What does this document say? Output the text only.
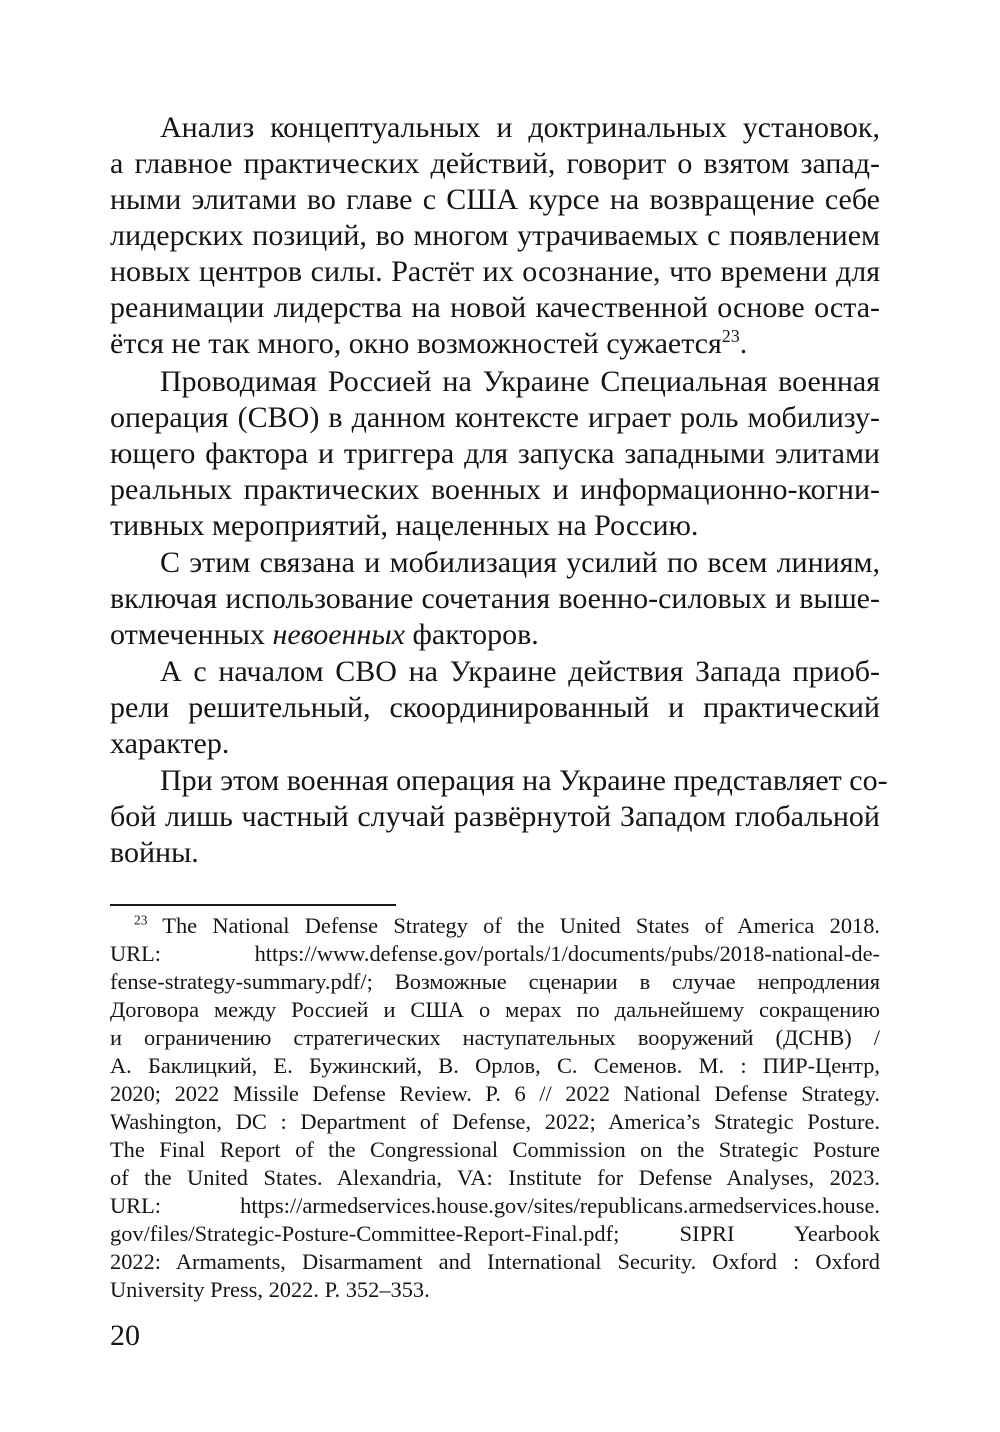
Анализ концептуальных и доктринальных установок,

а главное практических действий, говорит о взятом запад-

ными элитами во главе с США курсе на возвращение себе

лидерских позиций, во многом утрачиваемых с появлением

новых центров силы. Растёт их осознание, что времени для

реанимации лидерства на новой качественной основе оста-

ётся не так много, окно возможностей сужается$^{23}$.

Проводимая Россией на Украине Специальная военная

операция (СВО) в данном контексте играет роль мобилизу-

ющего фактора и триггера для запуска западными элитами

реальных практических военных и информационно-когни-

тивных мероприятий, нацеленных на Россию.

С этим связана и мобилизация усилий по всем линиям,

включая использование сочетания военно-силовых и выше-

отмеченных невоенных факторов.

А с началом СВО на Украине действия Запада приоб-

рели решительный, скоординированный и практический

характер.

При этом военная операция на Украине представляет со-

бой лишь частный случай развёрнутой Западом глобальной

войны.

$^{23}$ The National Defense Strategy of the United States of America 2018.

URL: https://www.defense.gov/portals/1/documents/pubs/2018-national-de-

fense-strategy-summary.pdf/; Возможные сценарии в случае непродления

Договора между Россией и США о мерах по дальнейшему сокращению

и ограничению стратегических наступательных вооружений (ДСНВ) /

А. Баклицкий, Е. Бужинский, В. Орлов, С. Семенов. М. : ПИР-Центр,

2020; 2022 Missile Defense Review. P. 6 // 2022 National Defense Strategy.

Washington, DC : Department of Defense, 2022; America’s Strategic Posture.

The Final Report of the Congressional Commission on the Strategic Posture

of the United States. Alexandria, VA: Institute for Defense Analyses, 2023.

URL: https://armedservices.house.gov/sites/republicans.armedservices.house.

gov/files/Strategic-Posture-Committee-Report-Final.pdf; SIPRI Yearbook

2022: Armaments, Disarmament and International Security. Oxford : Oxford

University Press, 2022. P. 352–353.

20
